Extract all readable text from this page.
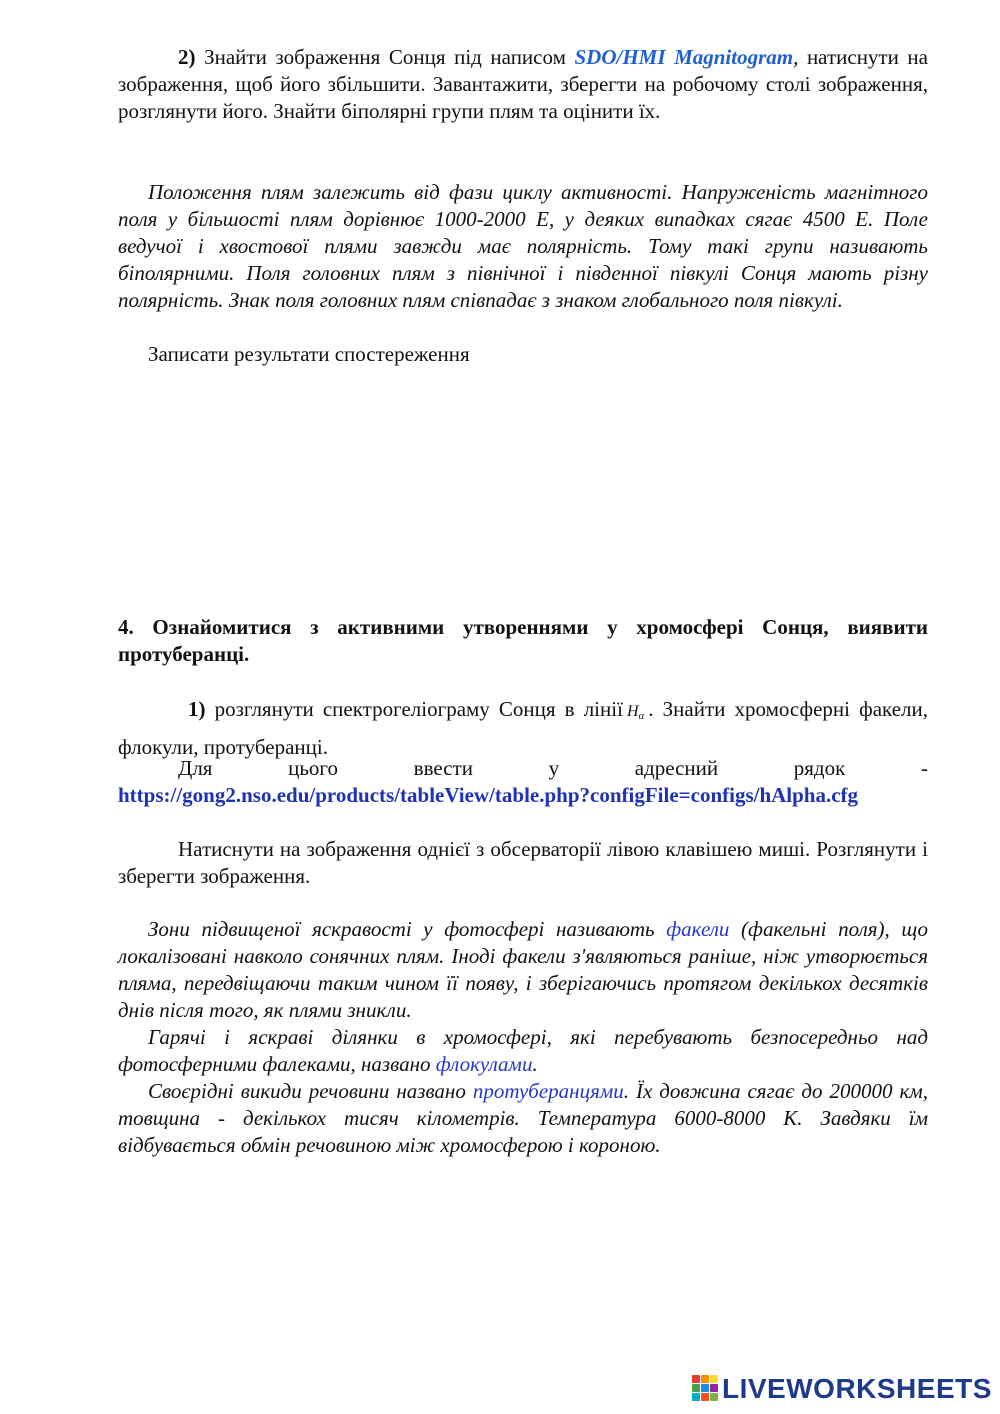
2) Знайти зображення Сонця під написом SDO/HMI Magnitogram, натиснути на зображення, щоб його збільшити. Завантажити, зберегти на робочому столі зображення, розглянути його. Знайти біполярні групи плям та оцінити їх.
Положення плям залежить від фази циклу активності. Напруженість магнітного поля у більшості плям дорівнює 1000-2000 Е, у деяких випадках сягає 4500 Е. Поле ведучої і хвостової плями завжди має полярність. Тому такі групи називають біполярними. Поля головних плям з північної і південної півкулі Сонця мають різну полярність. Знак поля головних плям співпадає з знаком глобального поля півкулі.
Записати результати спостереження
4. Ознайомитися з активними утвореннями у хромосфері Сонця, виявити протуберанці.
1) розглянути спектрогеліограму Сонця в лінії $H_\alpha$ . Знайти хромосферні факели, флокули, протуберанці.
Для	цього	ввести	у	адресний	рядок	-
https://gong2.nso.edu/products/tableView/table.php?configFile=configs/hAlpha.cfg
Натиснути на зображення однієї з обсерваторії лівою клавішею миші. Розглянути і зберегти зображення.
Зони підвищеної яскравості у фотосфері називають факели (факельні поля), що локалізовані навколо сонячних плям. Іноді факели з'являються раніше, ніж утворюється пляма, передвіщаючи таким чином її появу, і зберігаючись протягом декількох десятків днів після того, як плями зникли.
Гарячі і яскраві ділянки в хромосфері, які перебувають безпосередньо над фотосферними фалеками, названо флокулами.
Своєрідні викиди речовини названо протуберанцями. Їх довжина сягає до 200000 км, товщина - декількох тисяч кілометрів. Температура 6000-8000 К. Завдяки їм відбувається обмін речовиною між хромосферою і короною.
LIVEWORKSHEETS
